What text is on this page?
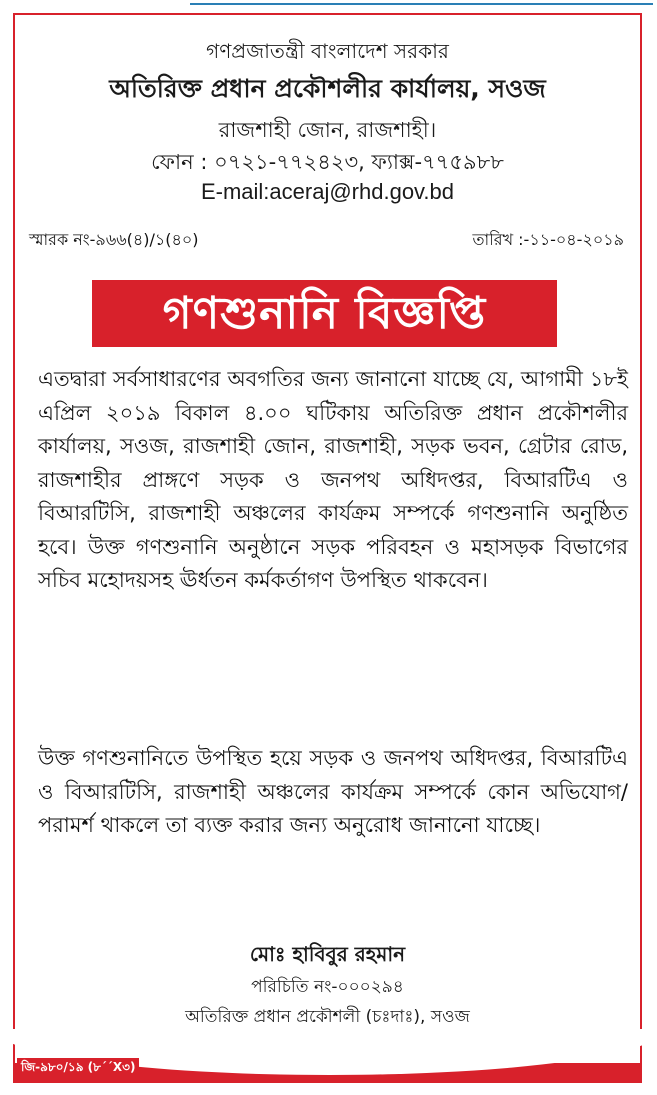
গণপ্রজাতন্ত্রী বাংলাদেশ সরকার
অতিরিক্ত প্রধান প্রকৌশলীর কার্যালয়, সওজ
রাজশাহী জোন, রাজশাহী।
ফোন : ০৭২১-৭৭২৪২৩, ফ্যাক্স-৭৭৫৯৮৮
E-mail:aceraj@rhd.gov.bd
স্মারক নং-৯৬৬(৪)/১(৪০)	তারিখ :-১১-০৪-২০১৯
গণশুনানি বিজ্ঞপ্তি
এতদ্বারা সর্বসাধারণের অবগতির জন্য জানানো যাচ্ছে যে, আগামী ১৮ই এপ্রিল ২০১৯ বিকাল ৪.০০ ঘটিকায় অতিরিক্ত প্রধান প্রকৌশলীর কার্যালয়, সওজ, রাজশাহী জোন, রাজশাহী, সড়ক ভবন, গ্রেটার রোড, রাজশাহীর প্রাঙ্গণে সড়ক ও জনপথ অধিদপ্তর, বিআরটিএ ও বিআরটিসি, রাজশাহী অঞ্চলের কার্যক্রম সম্পর্কে গণশুনানি অনুষ্ঠিত হবে। উক্ত গণশুনানি অনুষ্ঠানে সড়ক পরিবহন ও মহাসড়ক বিভাগের সচিব মহোদয়সহ ঊর্ধতন কর্মকর্তাগণ উপস্থিত থাকবেন।
উক্ত গণশুনানিতে উপস্থিত হয়ে সড়ক ও জনপথ অধিদপ্তর, বিআরটিএ ও বিআরটিসি, রাজশাহী অঞ্চলের কার্যক্রম সম্পর্কে কোন অভিযোগ/পরামর্শ থাকলে তা ব্যক্ত করার জন্য অনুরোধ জানানো যাচ্ছে।
মোঃ হাবিবুর রহমান
পরিচিতি নং-০০০২৯৪
অতিরিক্ত প্রধান প্রকৌশলী (চঃদাঃ), সওজ
জি-৯৮০/১৯ (৮´´X৩)
